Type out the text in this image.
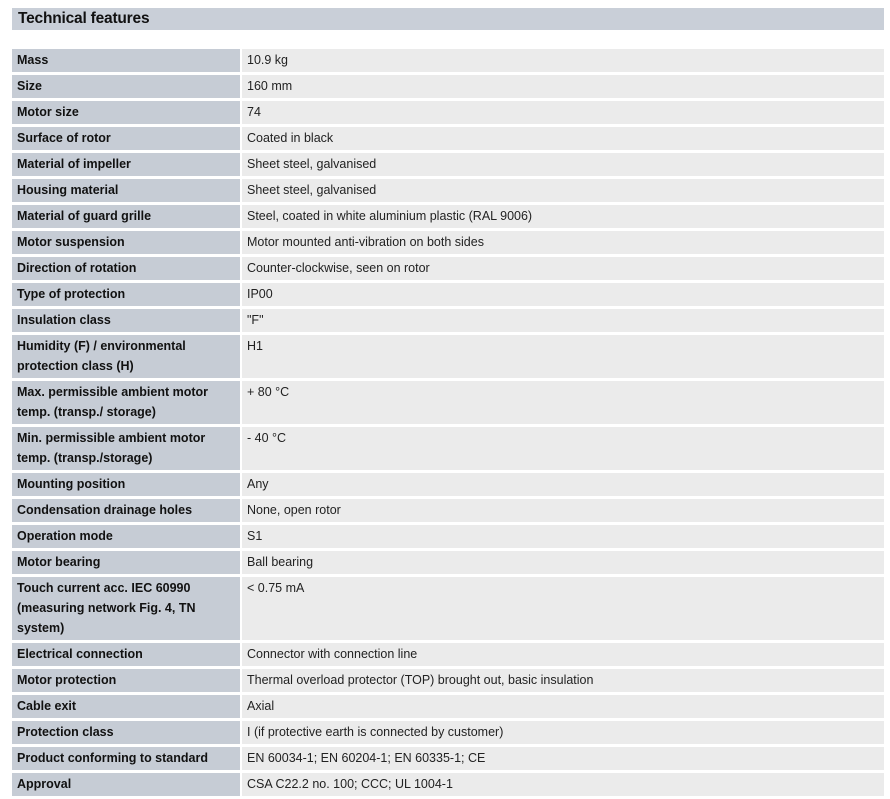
Technical features
Mass		10.9 kg
Size		160 mm
Motor size		74
Surface of rotor		Coated in black
Material of impeller		Sheet steel, galvanised
Housing material		Sheet steel, galvanised
Material of guard grille		Steel, coated in white aluminium plastic (RAL 9006)
Motor suspension		Motor mounted anti-vibration on both sides
Direction of rotation		Counter-clockwise, seen on rotor
Type of protection		IP00
Insulation class		"F"
Humidity (F) / environmental protection class (H)		H1
Max. permissible ambient motor temp. (transp./ storage)		+ 80 °C
Min. permissible ambient motor temp. (transp./storage)		- 40 °C
Mounting position		Any
Condensation drainage holes		None, open rotor
Operation mode		S1
Motor bearing		Ball bearing
Touch current acc. IEC 60990 (measuring network Fig. 4, TN system)		< 0.75 mA
Electrical connection		Connector with connection line
Motor protection		Thermal overload protector (TOP) brought out, basic insulation
Cable exit		Axial
Protection class		I (if protective earth is connected by customer)
Product conforming to standard		EN 60034-1; EN 60204-1; EN 60335-1; CE
Approval		CSA C22.2 no. 100; CCC; UL 1004-1
